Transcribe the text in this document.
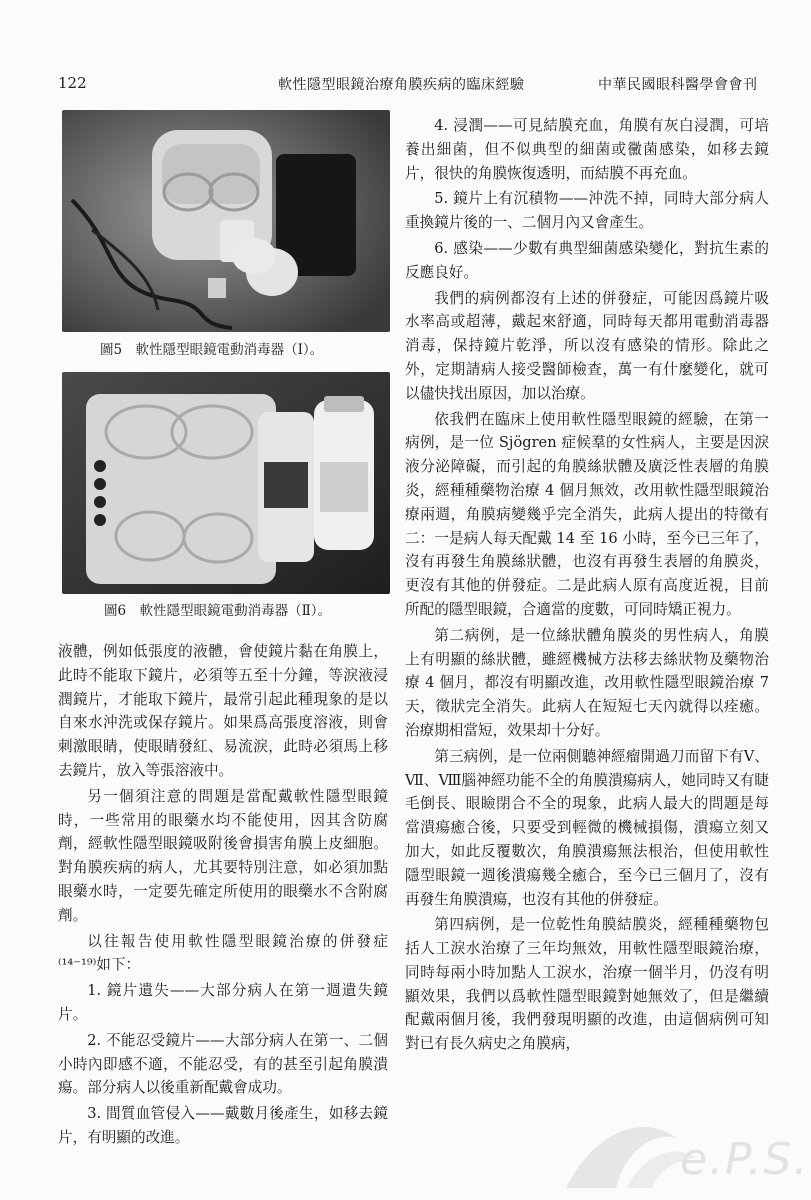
122	軟性隱型眼鏡治療角膜疾病的臨床經驗	中華民國眼科醫學會會刊
圖5　軟性隱型眼鏡電動消毒器（Ⅰ）。
圖6　軟性隱型眼鏡電動消毒器（Ⅱ）。

液體，例如低張度的液體，會使鏡片黏在角膜上，此時不能取下鏡片，必須等五至十分鐘，等淚液浸潤鏡片，才能取下鏡片，最常引起此種現象的是以自來水沖洗或保存鏡片。如果爲高張度溶液，則會刺激眼睛，使眼睛發紅、易流淚，此時必須馬上移去鏡片，放入等張溶液中。

另一個須注意的問題是當配戴軟性隱型眼鏡時，一些常用的眼藥水均不能使用，因其含防腐劑，經軟性隱型眼鏡吸附後會損害角膜上皮細胞。對角膜疾病的病人，尤其要特別注意，如必須加點眼藥水時，一定要先確定所使用的眼藥水不含附腐劑。

以往報告使用軟性隱型眼鏡治療的併發症⁽¹⁴⁻¹⁹⁾如下：

1. 鏡片遺失——大部分病人在第一週遺失鏡片。

2. 不能忍受鏡片——大部分病人在第一、二個小時內即感不適，不能忍受，有的甚至引起角膜潰瘍。部分病人以後重新配戴會成功。

3. 間質血管侵入——戴數月後產生，如移去鏡片，有明顯的改進。

4. 浸潤——可見結膜充血，角膜有灰白浸潤，可培養出細菌，但不似典型的細菌或黴菌感染，如移去鏡片，很快的角膜恢復透明，而結膜不再充血。

5. 鏡片上有沉積物——沖洗不掉，同時大部分病人重換鏡片後的一、二個月內又會產生。

6. 感染——少數有典型細菌感染變化，對抗生素的反應良好。

我們的病例都沒有上述的併發症，可能因爲鏡片吸水率高或超薄，戴起來舒適，同時每天都用電動消毒器消毒，保持鏡片乾淨，所以沒有感染的情形。除此之外，定期請病人接受醫師檢查，萬一有什麼變化，就可以儘快找出原因，加以治療。

依我們在臨床上使用軟性隱型眼鏡的經驗，在第一病例，是一位 Sjögren 症候羣的女性病人，主要是因淚液分泌障礙，而引起的角膜絲狀體及廣泛性表層的角膜炎，經種種藥物治療 4 個月無效，改用軟性隱型眼鏡治療兩週，角膜病變幾乎完全消失，此病人提出的特徵有二：一是病人每天配戴 14 至 16 小時，至今已三年了，沒有再發生角膜絲狀體，也沒有再發生表層的角膜炎，更沒有其他的併發症。二是此病人原有高度近視，目前所配的隱型眼鏡，合適當的度數，可同時矯正視力。

第二病例，是一位絲狀體角膜炎的男性病人，角膜上有明顯的絲狀體，雖經機械方法移去絲狀物及藥物治療 4 個月，都沒有明顯改進，改用軟性隱型眼鏡治療 7 天，徵狀完全消失。此病人在短短七天內就得以痊癒。治療期相當短，效果却十分好。

第三病例，是一位兩側聽神經瘤開過刀而留下有Ⅴ、Ⅶ、Ⅷ腦神經功能不全的角膜潰瘍病人，她同時又有睫毛倒長、眼瞼閉合不全的現象，此病人最大的問題是每當潰瘍癒合後，只要受到輕微的機械損傷，潰瘍立刻又加大，如此反覆數次，角膜潰瘍無法根治，但使用軟性隱型眼鏡一週後潰瘍幾全癒合，至今已三個月了，沒有再發生角膜潰瘍，也沒有其他的併發症。

第四病例，是一位乾性角膜結膜炎，經種種藥物包括人工淚水治療了三年均無效，用軟性隱型眼鏡治療，同時每兩小時加點人工淚水，治療一個半月，仍沒有明顯效果，我們以爲軟性隱型眼鏡對她無效了，但是繼續配戴兩個月後，我們發現明顯的改進，由這個病例可知對已有長久病史之角膜病，

e.P.S.
